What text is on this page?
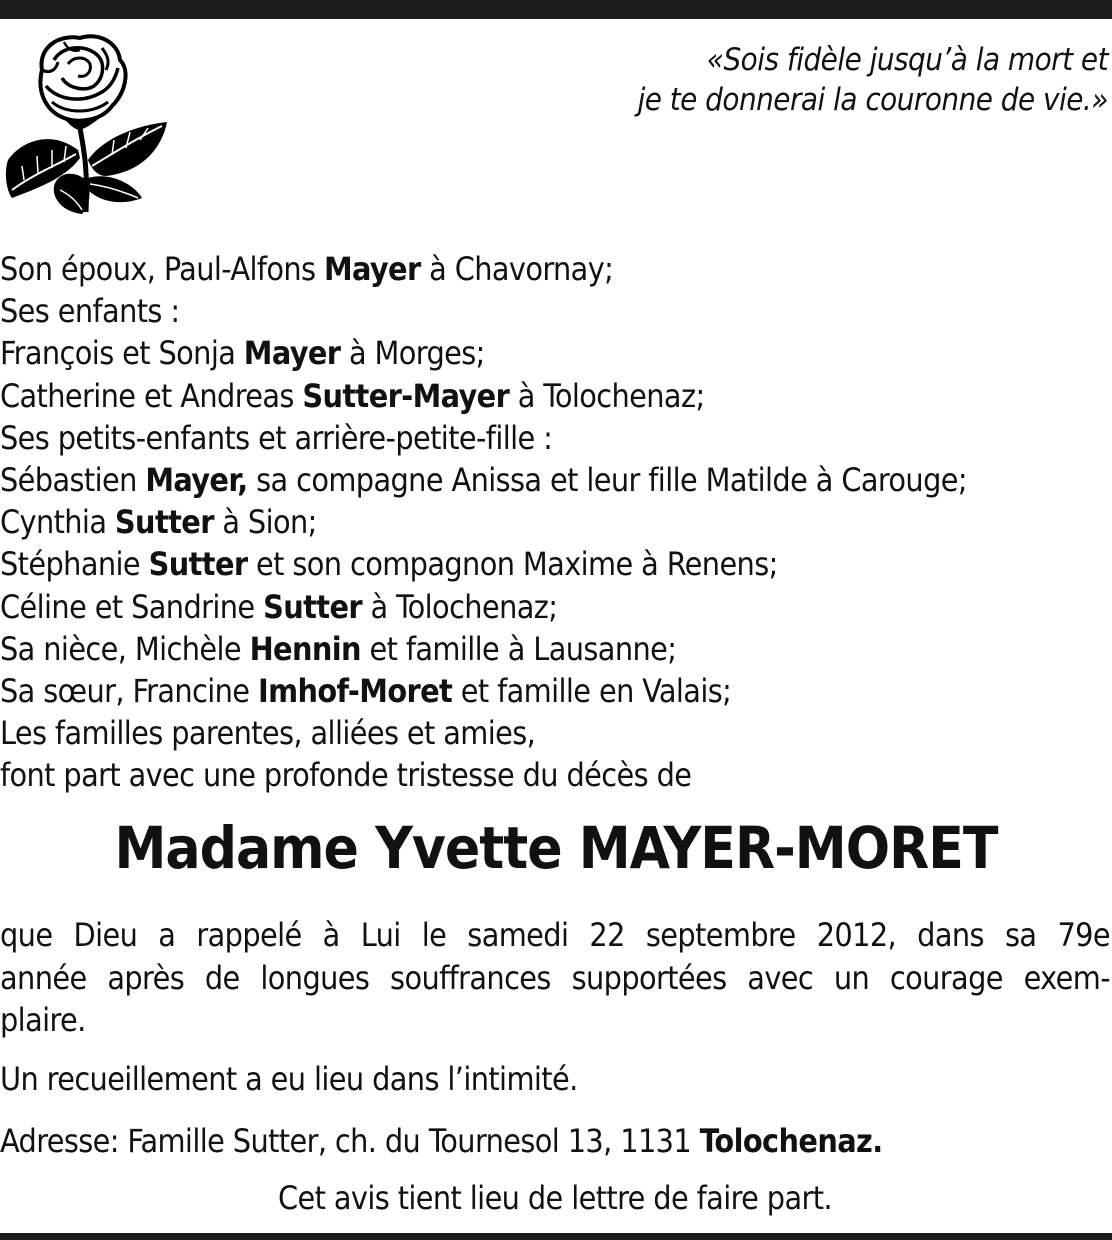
«Sois fidèle jusqu’à la mort et
je te donnerai la couronne de vie.»
Son époux, Paul-Alfons Mayer à Chavornay;
Ses enfants :
François et Sonja Mayer à Morges;
Catherine et Andreas Sutter-Mayer à Tolochenaz;
Ses petits-enfants et arrière-petite-fille :
Sébastien Mayer, sa compagne Anissa et leur fille Matilde à Carouge;
Cynthia Sutter à Sion;
Stéphanie Sutter et son compagnon Maxime à Renens;
Céline et Sandrine Sutter à Tolochenaz;
Sa nièce, Michèle Hennin et famille à Lausanne;
Sa sœur, Francine Imhof-Moret et famille en Valais;
Les familles parentes, alliées et amies,
font part avec une profonde tristesse du décès de
Madame Yvette MAYER-MORET
que Dieu a rappelé à Lui le samedi 22 septembre 2012, dans sa 79e
année après de longues souffrances supportées avec un courage exem-
plaire.
Un recueillement a eu lieu dans l’intimité.
Adresse: Famille Sutter, ch. du Tournesol 13, 1131 Tolochenaz.
Cet avis tient lieu de lettre de faire part.
